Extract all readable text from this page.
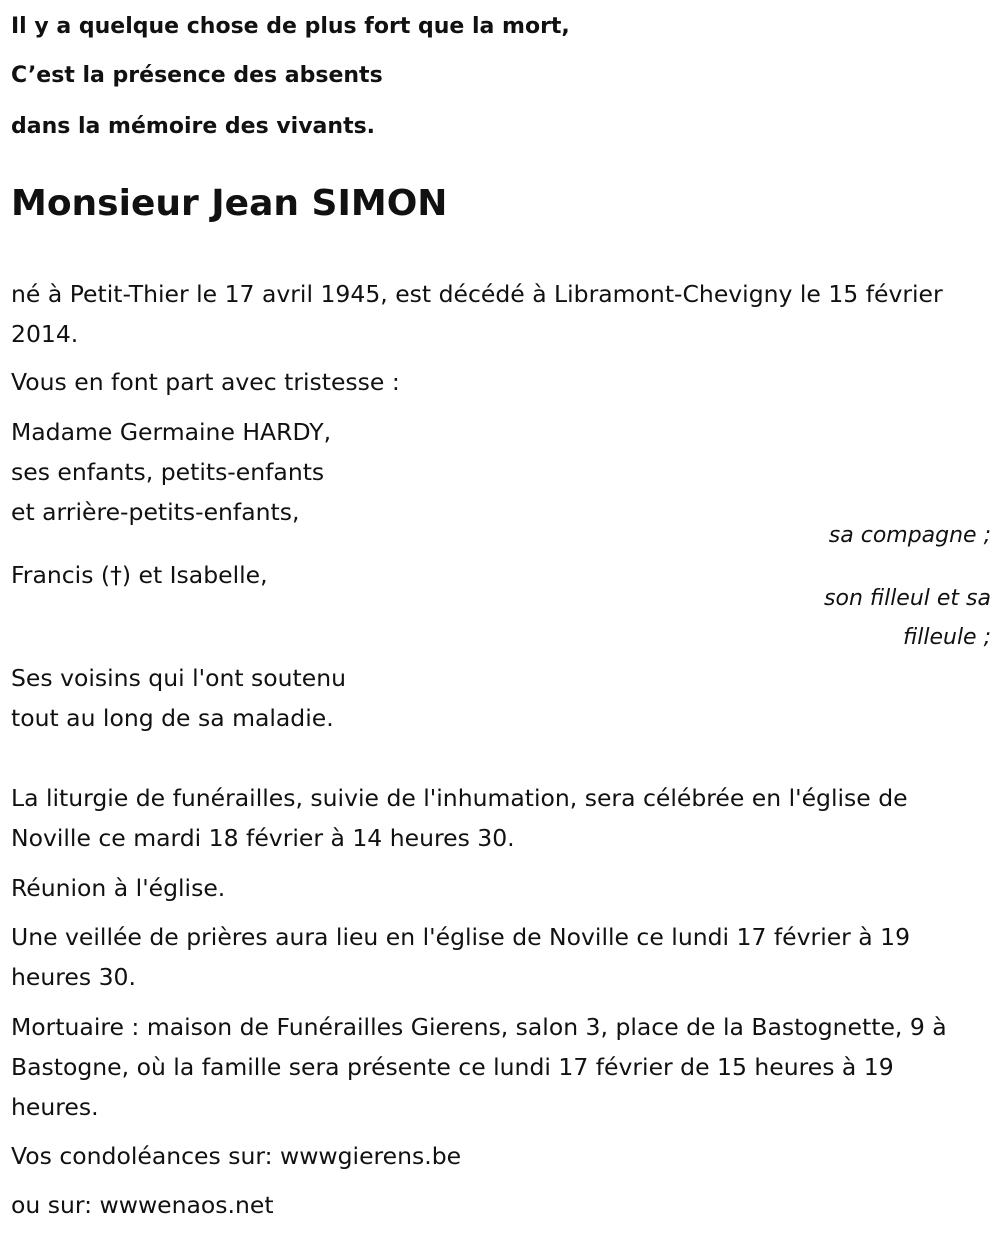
Il y a quelque chose de plus fort que la mort,

C’est la présence des absents

dans la mémoire des vivants.

Monsieur Jean SIMON

né à Petit-Thier le 17 avril 1945, est décédé à Libramont-Chevigny le 15 février 2014.

Vous en font part avec tristesse :

Madame Germaine HARDY,

ses enfants, petits-enfants

et arrière-petits-enfants,

sa compagne ;

Francis (†) et Isabelle,

son filleul et sa
filleule ;

Ses voisins qui l'ont soutenu

tout au long de sa maladie.

La liturgie de funérailles, suivie de l'inhumation, sera célébrée en l'église de Noville ce mardi 18 février à 14 heures 30.

Réunion à l'église.

Une veillée de prières aura lieu en l'église de Noville ce lundi 17 février à 19 heures 30.

Mortuaire : maison de Funérailles Gierens, salon 3, place de la Bastognette, 9 à Bastogne, où la famille sera présente ce lundi 17 février de 15 heures à 19 heures.

Vos condoléances sur: wwwgierens.be

ou sur: wwwenaos.net
